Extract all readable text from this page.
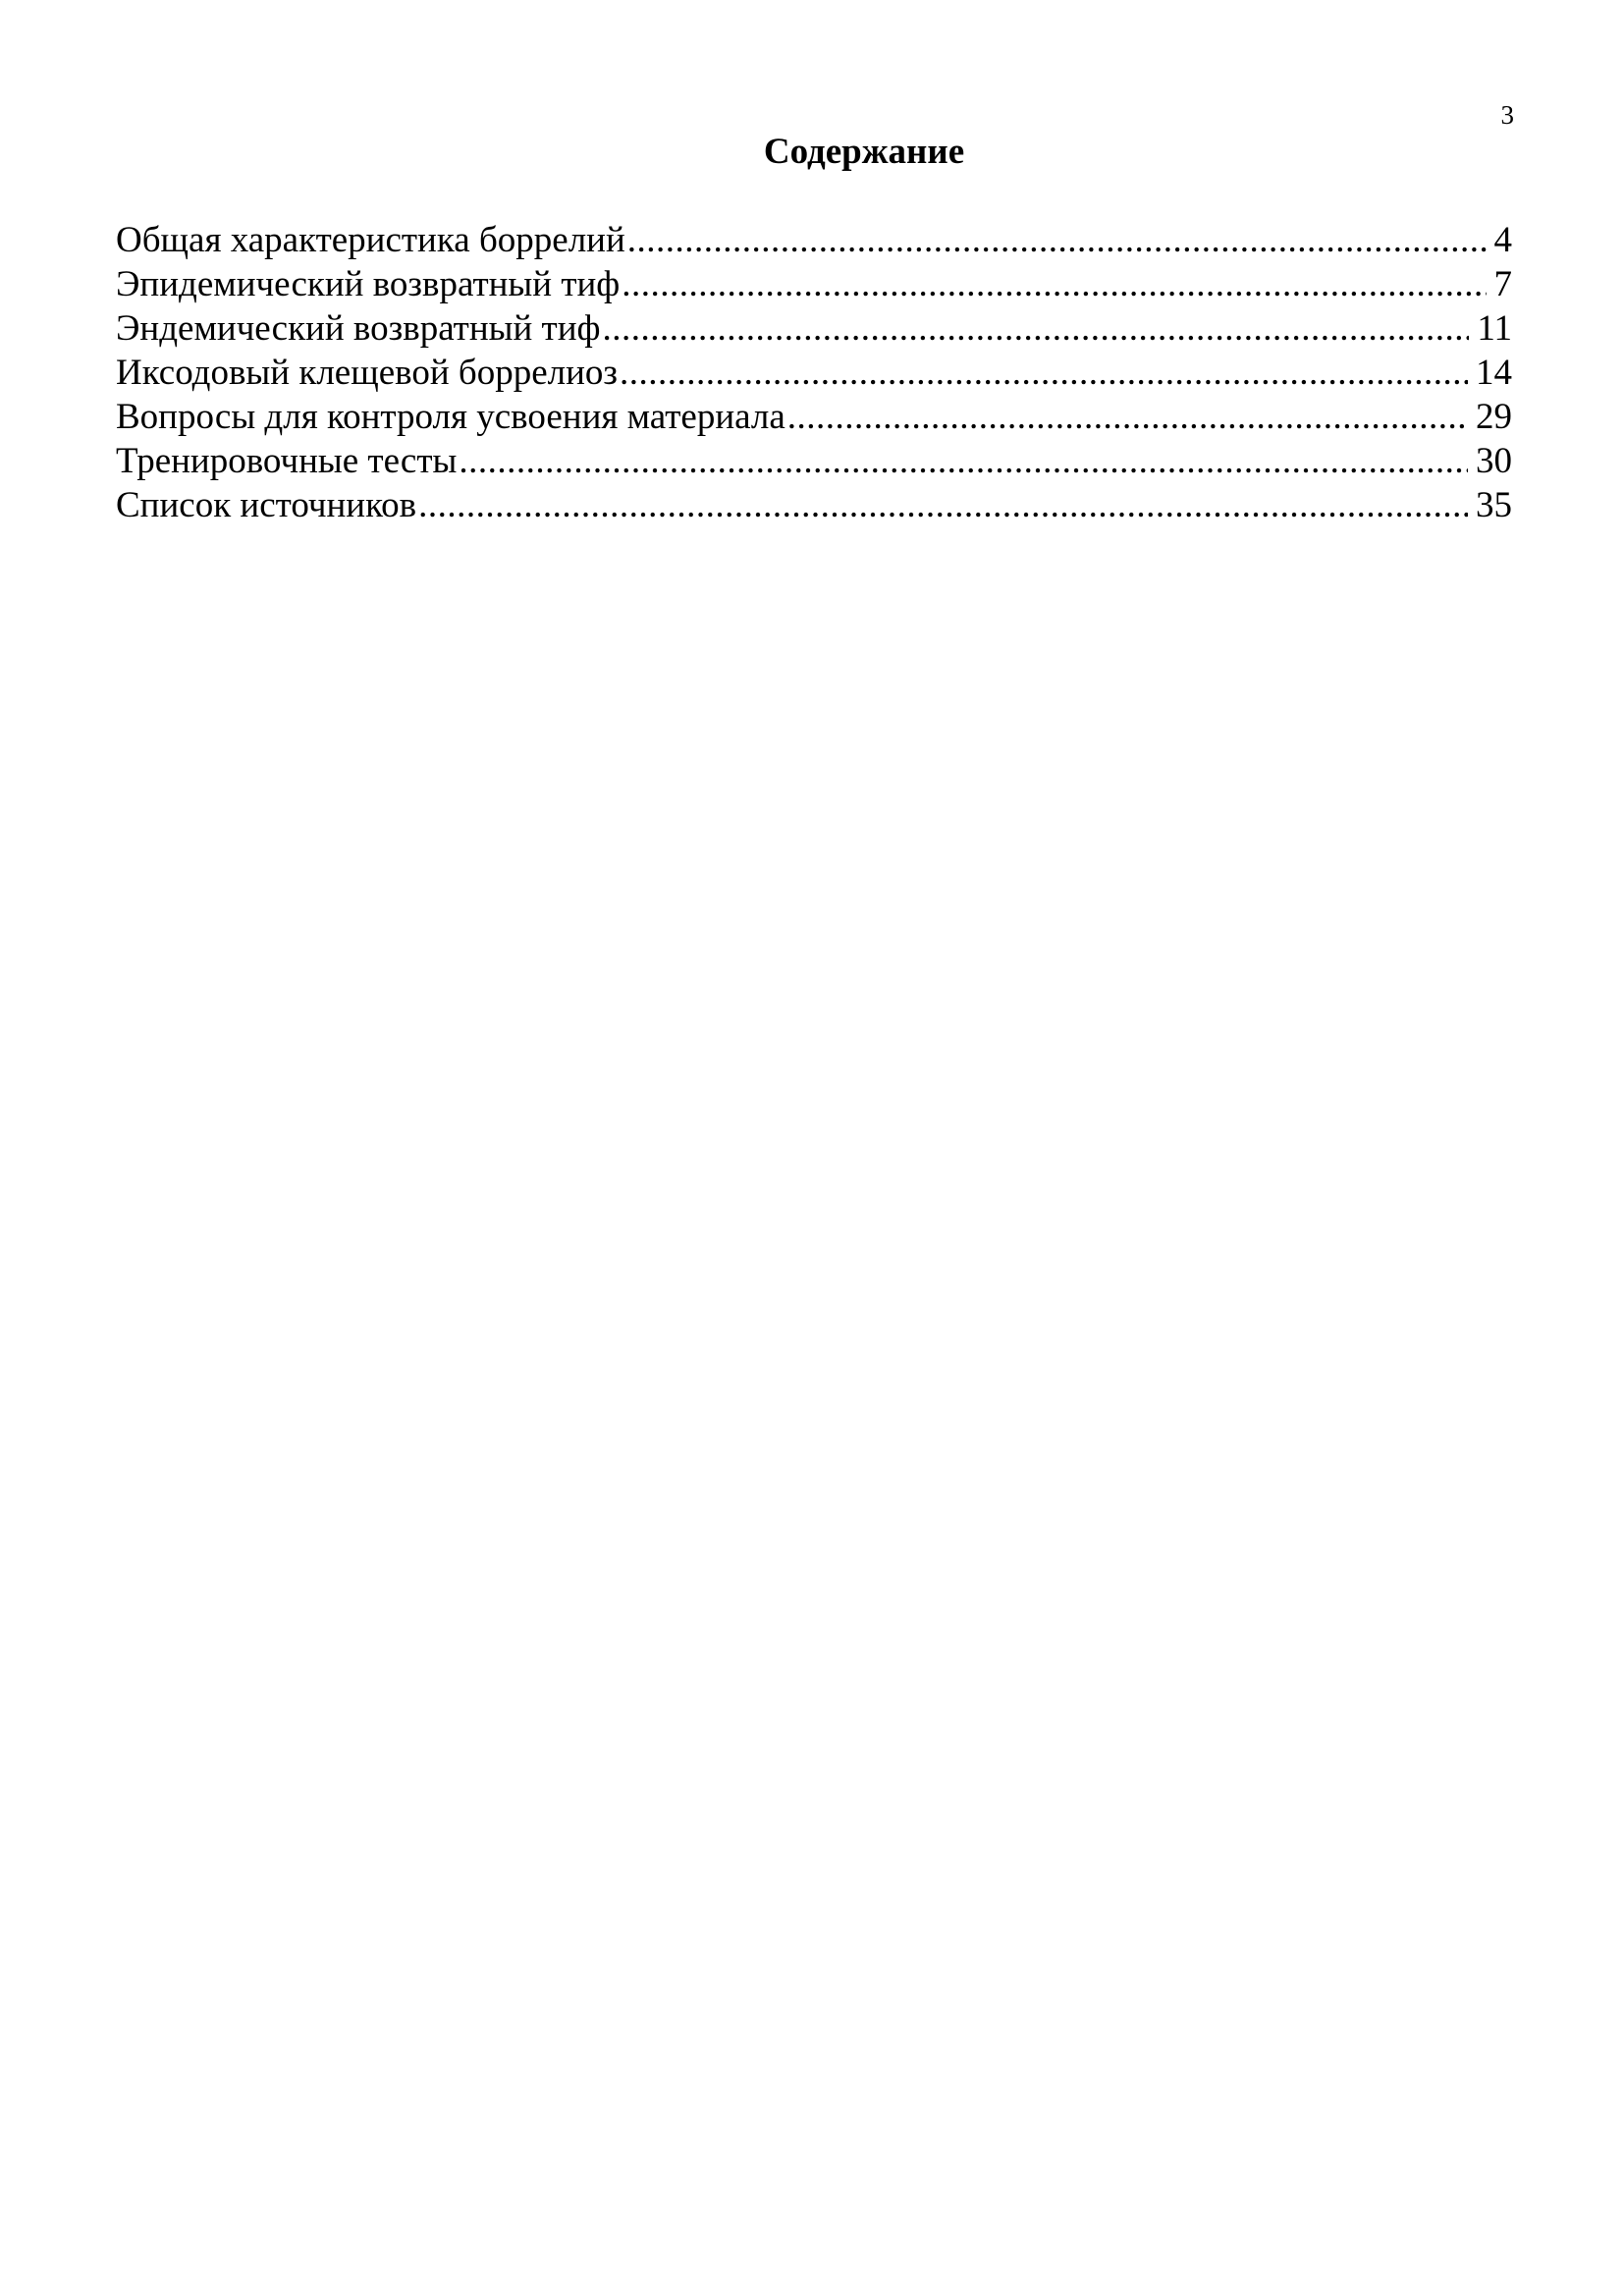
3
Содержание
Общая характеристика боррелий .....	4
Эпидемический возвратный тиф .....	7
Эндемический возвратный тиф .....	11
Иксодовый клещевой боррелиоз .....	14
Вопросы для контроля усвоения материала .....	29
Тренировочные тесты .....	30
Список источников .....	35
